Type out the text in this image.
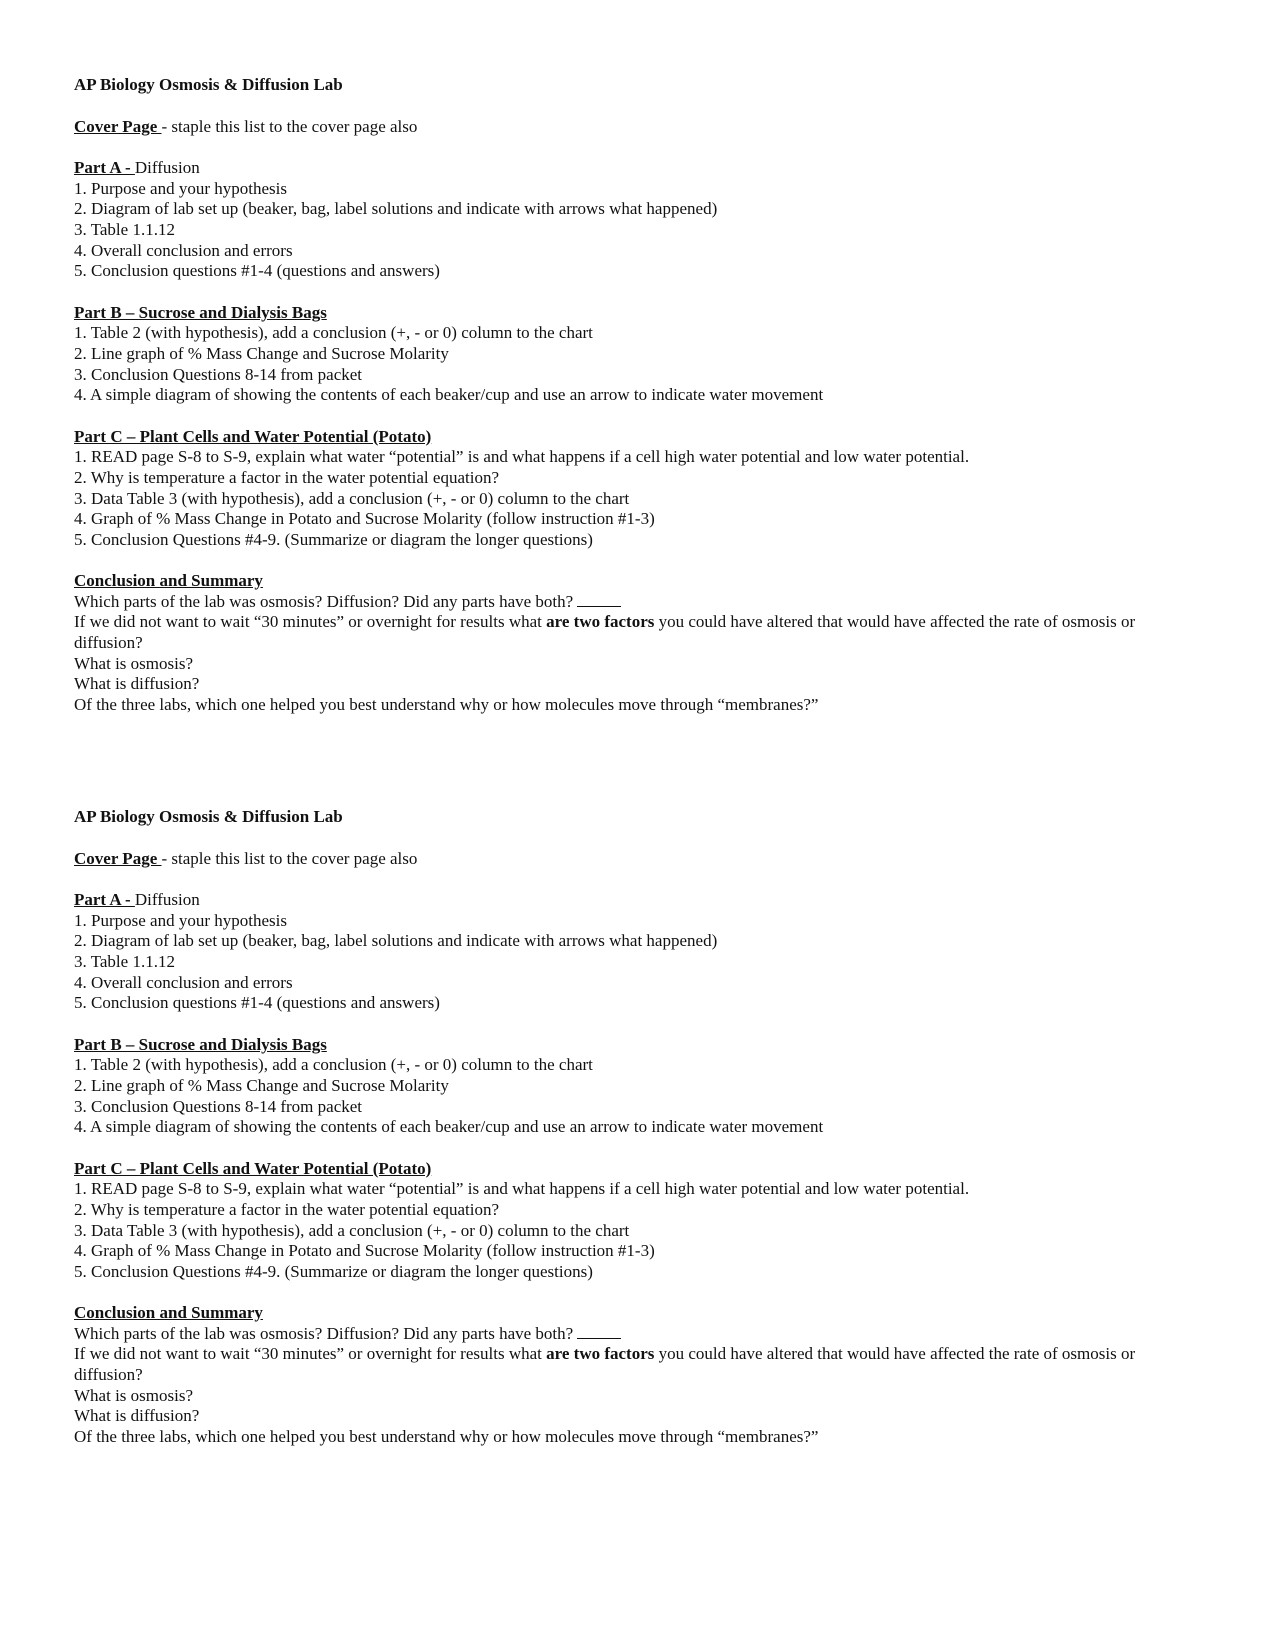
AP Biology Osmosis & Diffusion Lab

Cover Page - staple this list to the cover page also

Part A - Diffusion

1. Purpose and your hypothesis
2. Diagram of lab set up (beaker, bag, label solutions and indicate with arrows what happened)
3. Table 1.1.12
4. Overall conclusion and errors
5. Conclusion questions #1-4 (questions and answers)

Part B – Sucrose and Dialysis Bags

1. Table 2 (with hypothesis), add a conclusion (+, - or 0) column to the chart
2. Line graph of % Mass Change and Sucrose Molarity
3. Conclusion Questions 8-14 from packet
4. A simple diagram of showing the contents of each beaker/cup and use an arrow to indicate water movement

Part C – Plant Cells and Water Potential (Potato)

1. READ page S-8 to S-9, explain what water “potential” is and what happens if a cell high water potential and low water potential.
2. Why is temperature a factor in the water potential equation?
3. Data Table 3 (with hypothesis), add a conclusion (+, - or 0) column to the chart
4. Graph of % Mass Change in Potato and Sucrose Molarity (follow instruction #1-3)
5. Conclusion Questions #4-9. (Summarize or diagram the longer questions)

Conclusion and Summary

Which parts of the lab was osmosis? Diffusion? Did any parts have both?

If we did not want to wait “30 minutes” or overnight for results what are two factors you could have altered that would have affected the rate of osmosis or diffusion?

What is osmosis?

What is diffusion?

Of the three labs, which one helped you best understand why or how molecules move through “membranes?”

AP Biology Osmosis & Diffusion Lab

Cover Page - staple this list to the cover page also

Part A - Diffusion

1. Purpose and your hypothesis
2. Diagram of lab set up (beaker, bag, label solutions and indicate with arrows what happened)
3. Table 1.1.12
4. Overall conclusion and errors
5. Conclusion questions #1-4 (questions and answers)

Part B – Sucrose and Dialysis Bags

1. Table 2 (with hypothesis), add a conclusion (+, - or 0) column to the chart
2. Line graph of % Mass Change and Sucrose Molarity
3. Conclusion Questions 8-14 from packet
4. A simple diagram of showing the contents of each beaker/cup and use an arrow to indicate water movement

Part C – Plant Cells and Water Potential (Potato)

1. READ page S-8 to S-9, explain what water “potential” is and what happens if a cell high water potential and low water potential.
2. Why is temperature a factor in the water potential equation?
3. Data Table 3 (with hypothesis), add a conclusion (+, - or 0) column to the chart
4. Graph of % Mass Change in Potato and Sucrose Molarity (follow instruction #1-3)
5. Conclusion Questions #4-9. (Summarize or diagram the longer questions)

Conclusion and Summary

Which parts of the lab was osmosis? Diffusion? Did any parts have both?

If we did not want to wait “30 minutes” or overnight for results what are two factors you could have altered that would have affected the rate of osmosis or diffusion?

What is osmosis?

What is diffusion?

Of the three labs, which one helped you best understand why or how molecules move through “membranes?”
